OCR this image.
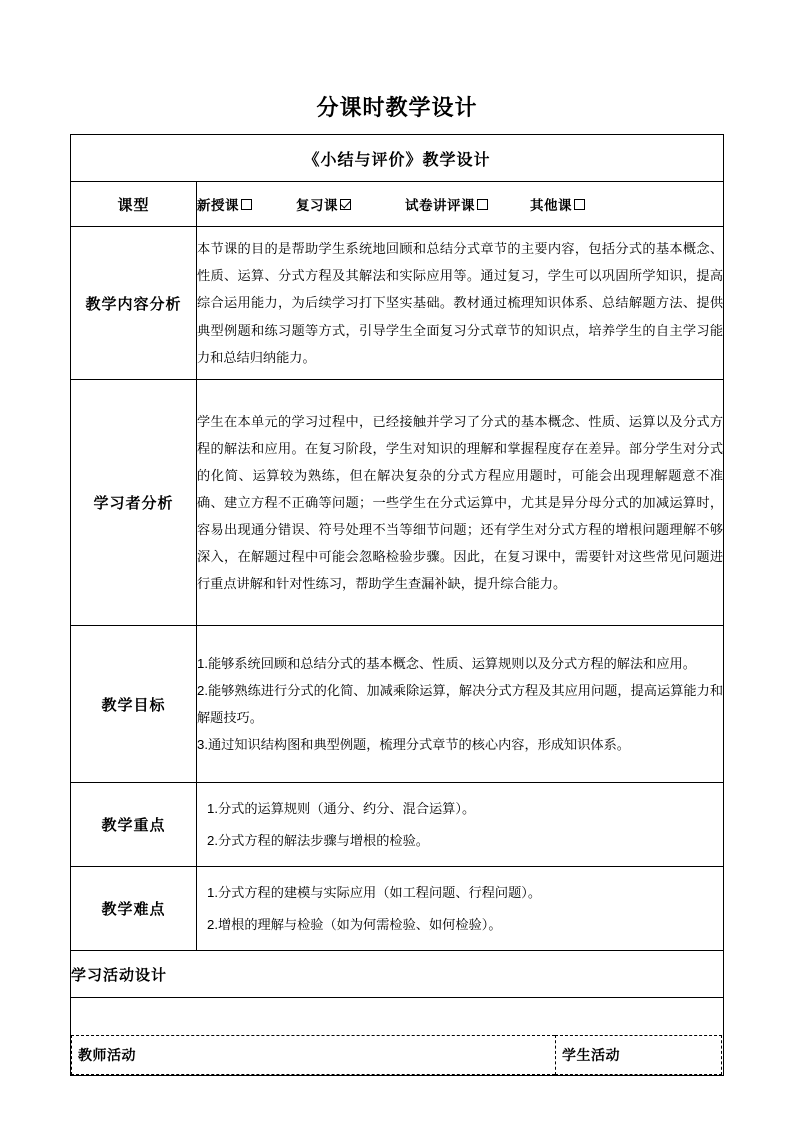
分课时教学设计
《小结与评价》教学设计	
课型	新授课 复习课 试卷讲评课 其他课

教学内容分析	本节课的目的是帮助学生系统地回顾和总结分式章节的主要内容，包括分式的基本概念、性质、运算、分式方程及其解法和实际应用等。通过复习，学生可以巩固所学知识，提高综合运用能力，为后续学习打下坚实基础。教材通过梳理知识体系、总结解题方法、提供典型例题和练习题等方式，引导学生全面复习分式章节的知识点，培养学生的自主学习能力和总结归纳能力。
学习者分析	学生在本单元的学习过程中，已经接触并学习了分式的基本概念、性质、运算以及分式方程的解法和应用。在复习阶段，学生对知识的理解和掌握程度存在差异。部分学生对分式的化简、运算较为熟练，但在解决复杂的分式方程应用题时，可能会出现理解题意不准确、建立方程不正确等问题；一些学生在分式运算中，尤其是异分母分式的加减运算时，容易出现通分错误、符号处理不当等细节问题；还有学生对分式方程的增根问题理解不够深入，在解题过程中可能会忽略检验步骤。因此，在复习课中，需要针对这些常见问题进行重点讲解和针对性练习，帮助学生查漏补缺，提升综合能力。
教学目标	1.能够系统回顾和总结分式的基本概念、性质、运算规则以及分式方程的解法和应用。

2.能够熟练进行分式的化简、加减乘除运算，解决分式方程及其应用问题，提高运算能力和解题技巧。

3.通过知识结构图和典型例题，梳理分式章节的核心内容，形成知识体系。

教学重点	1.分式的运算规则（通分、约分、混合运算）。

2.分式方程的解法步骤与增根的检验。

教学难点	1.分式方程的建模与实际应用（如工程问题、行程问题）。

2.增根的理解与检验（如为何需检验、如何检验）。

学习活动设计	

教师活动 学生活动	
